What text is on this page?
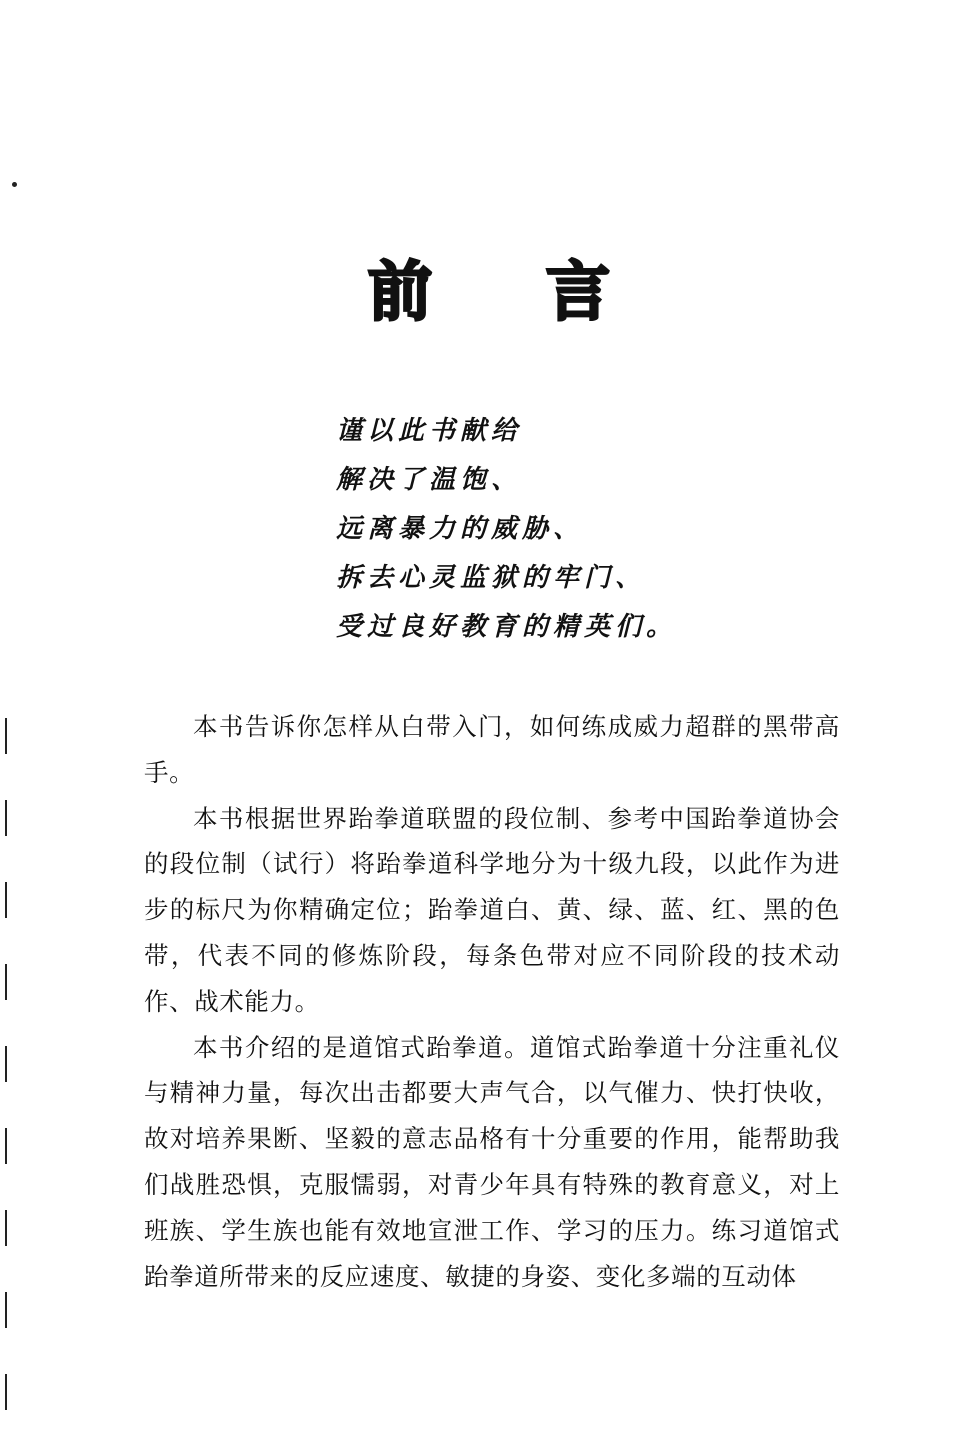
前 言
谨以此书献给
解决了温饱、
远离暴力的威胁、
拆去心灵监狱的牢门、
受过良好教育的精英们。

本书告诉你怎样从白带入门，如何练成威力超群的黑带高手。

本书根据世界跆拳道联盟的段位制、参考中国跆拳道协会的段位制（试行）将跆拳道科学地分为十级九段，以此作为进步的标尺为你精确定位；跆拳道白、黄、绿、蓝、红、黑的色带，代表不同的修炼阶段，每条色带对应不同阶段的技术动作、战术能力。

本书介绍的是道馆式跆拳道。道馆式跆拳道十分注重礼仪与精神力量，每次出击都要大声气合，以气催力、快打快收，故对培养果断、坚毅的意志品格有十分重要的作用，能帮助我们战胜恐惧，克服懦弱，对青少年具有特殊的教育意义，对上班族、学生族也能有效地宣泄工作、学习的压力。练习道馆式跆拳道所带来的反应速度、敏捷的身姿、变化多端的互动体
